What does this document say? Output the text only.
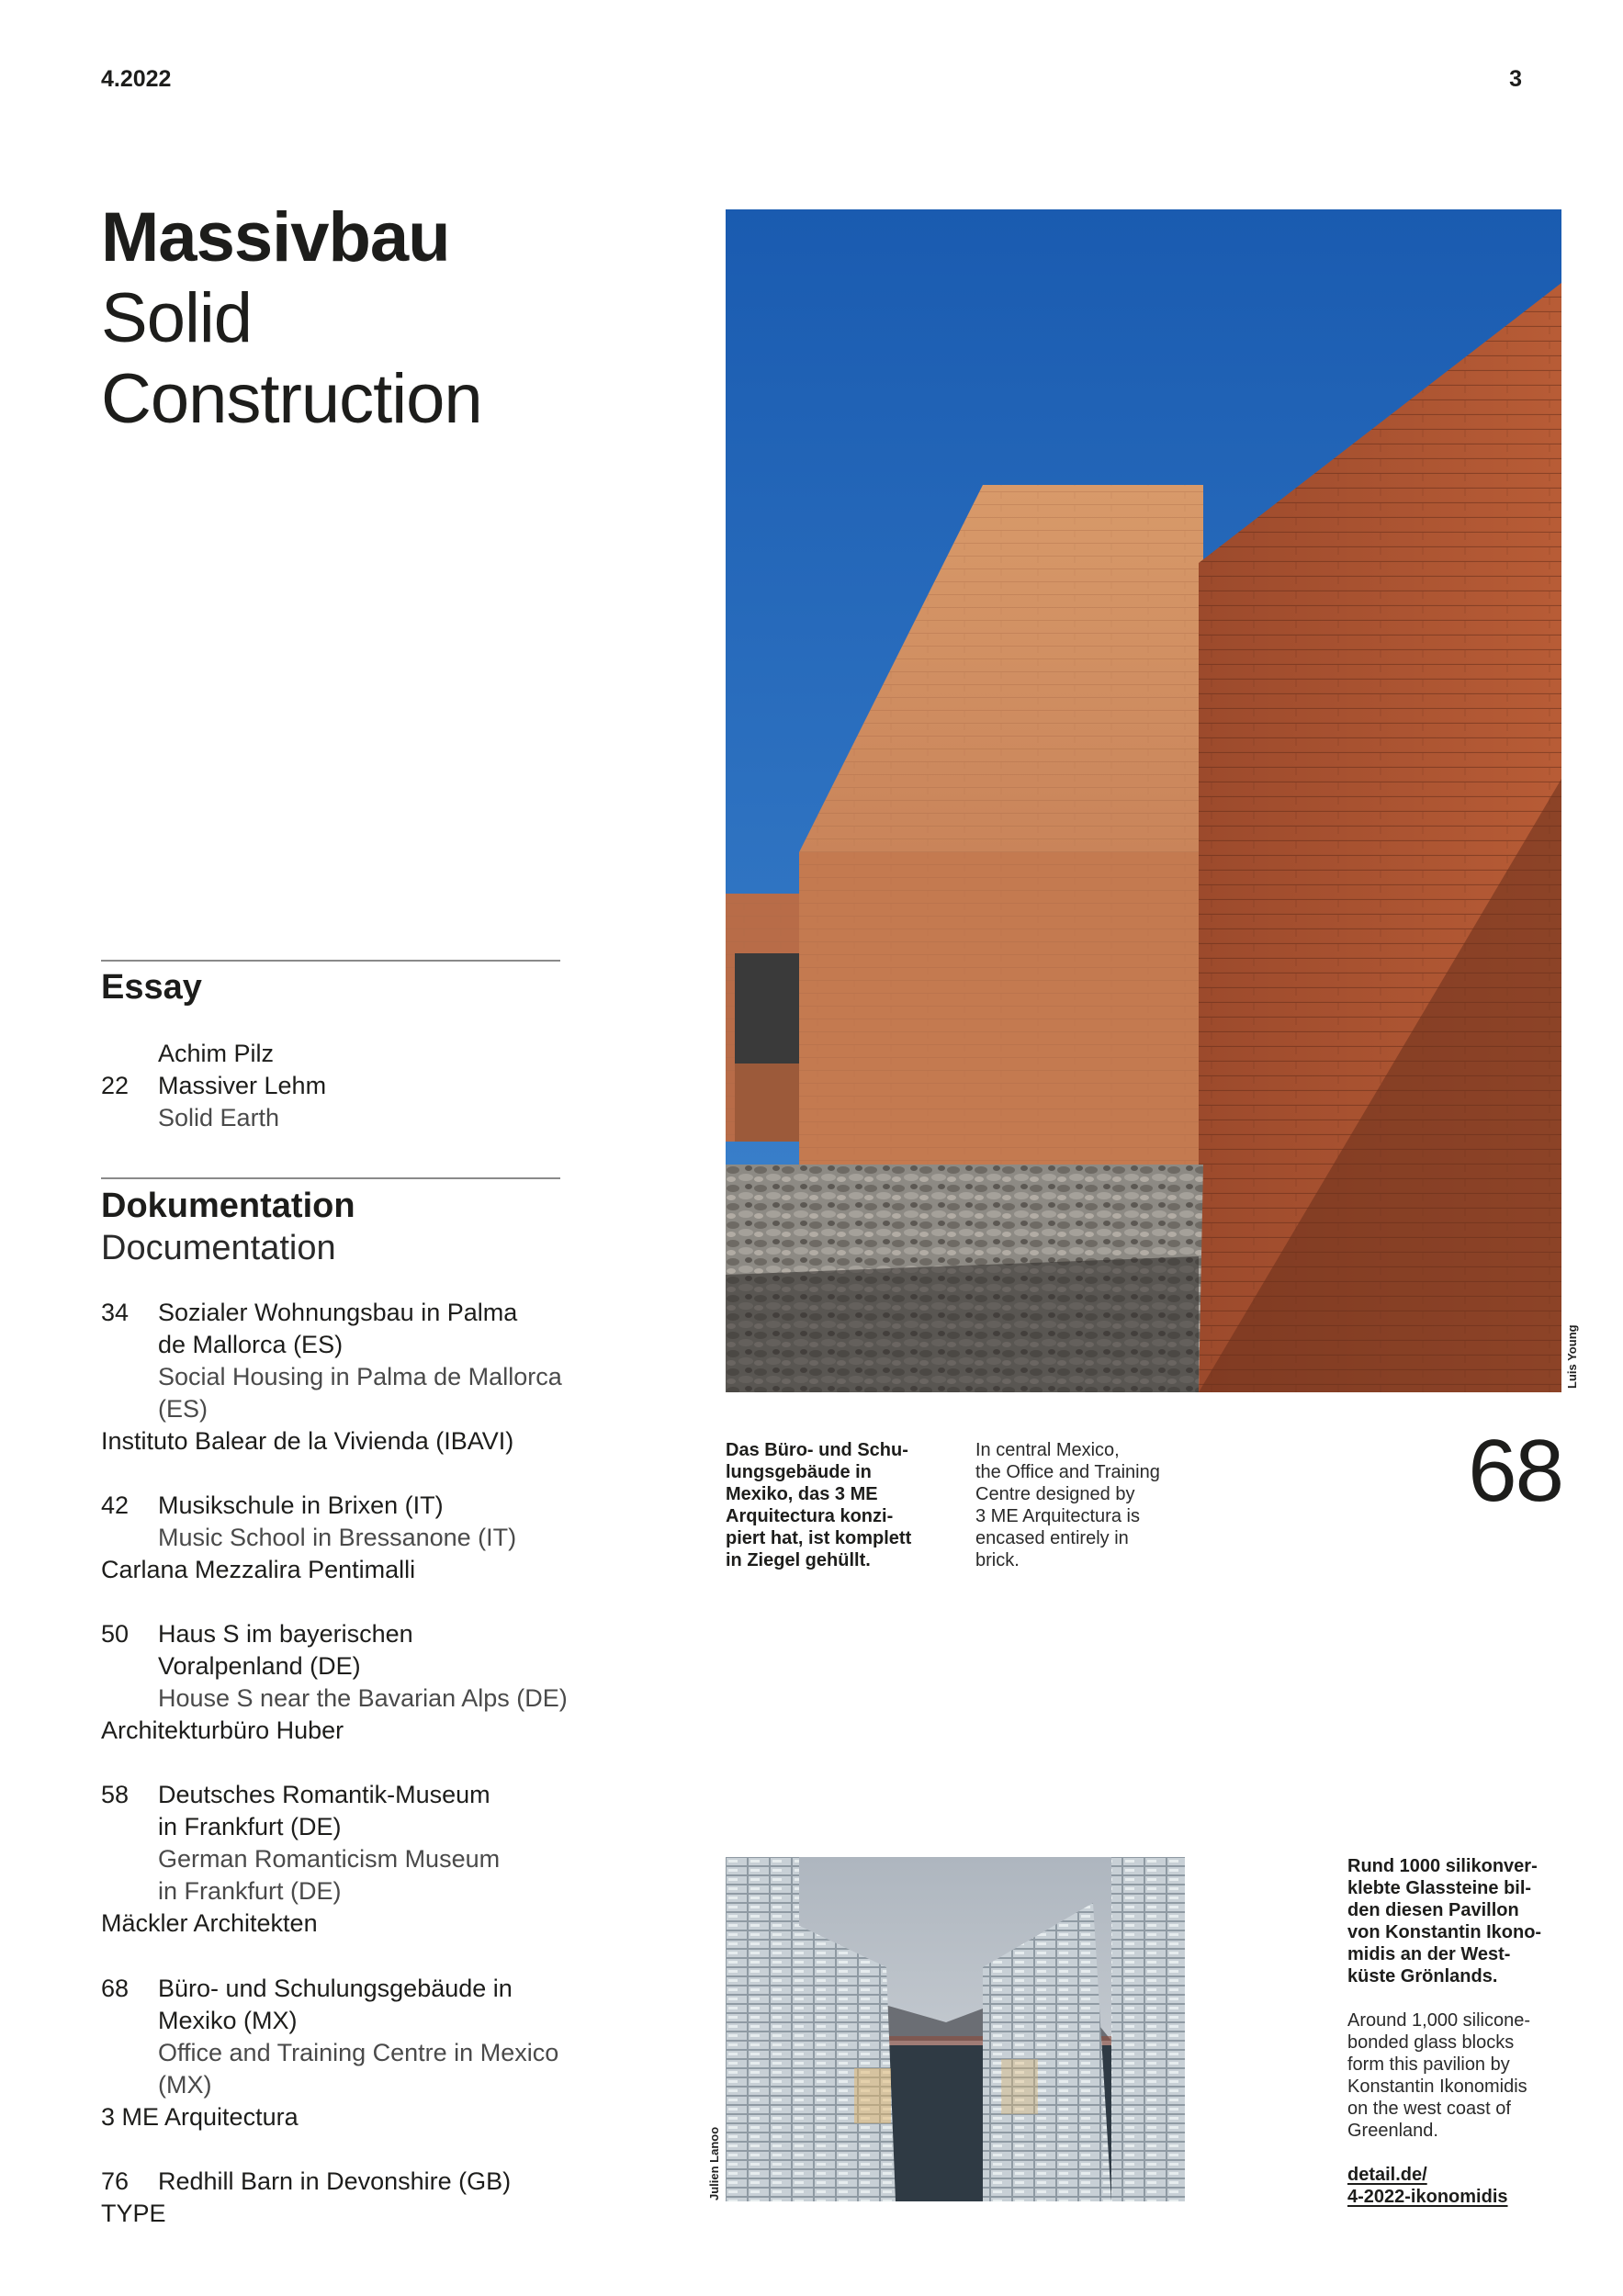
4.2022	3
Massivbau
Solid
Construction
Essay
Achim Pilz
22	Massiver Lehm
Solid Earth
Dokumentation
Documentation
34	Sozialer Wohnungsbau in Palma
de Mallorca (ES)
Social Housing in Palma de Mallorca
(ES)
Instituto Balear de la Vivienda (IBAVI)
42	Musikschule in Brixen (IT)
Music School in Bressanone (IT)
Carlana Mezzalira Pentimalli
50	Haus S im bayerischen
Voralpenland (DE)
House S near the Bavarian Alps (DE)
Architekturbüro Huber
58	Deutsches Romantik-Museum
in Frankfurt (DE)
German Romanticism Museum
in Frankfurt (DE)
Mäckler Architekten
68	Büro- und Schulungsgebäude in
Mexiko (MX)
Office and Training Centre in Mexico
(MX)
3 ME Arquitectura
76	Redhill Barn in Devonshire (GB)
TYPE
Luis Young
Das Büro- und Schu-
lungsgebäude in
Mexiko, das 3 ME
Arquitectura konzi-
piert hat, ist komplett
in Ziegel gehüllt.
In central Mexico,
the Office and Training
Centre designed by
3 ME Arquitectura is
encased entirely in
brick.
68
Julien Lanoo
Rund 1000 silikonver-
klebte Glassteine bil-
den diesen Pavillon
von Konstantin Ikono-
midis an der West-
küste Grönlands.
Around 1,000 silicone-
bonded glass blocks
form this pavilion by
Konstantin Ikonomidis
on the west coast of
Greenland.
detail.de/
4-2022-ikonomidis
